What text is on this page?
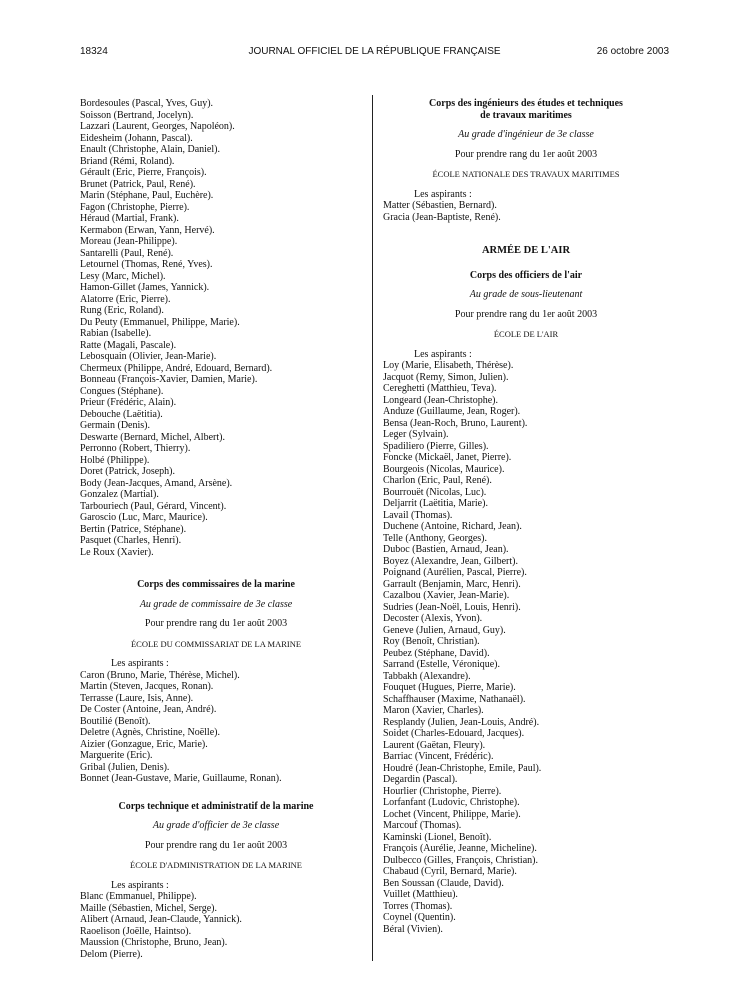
18324	JOURNAL OFFICIEL DE LA RÉPUBLIQUE FRANÇAISE	26 octobre 2003
Bordesoules (Pascal, Yves, Guy).
Soisson (Bertrand, Jocelyn).
Lazzari (Laurent, Georges, Napoléon).
Eidesheim (Johann, Pascal).
Enault (Christophe, Alain, Daniel).
Briand (Rémi, Roland).
Gérault (Eric, Pierre, François).
Brunet (Patrick, Paul, René).
Marin (Stéphane, Paul, Euchère).
Fagon (Christophe, Pierre).
Héraud (Martial, Frank).
Kermabon (Erwan, Yann, Hervé).
Moreau (Jean-Philippe).
Santarelli (Paul, René).
Letournel (Thomas, René, Yves).
Lesy (Marc, Michel).
Hamon-Gillet (James, Yannick).
Alatorre (Eric, Pierre).
Rung (Eric, Roland).
Du Peuty (Emmanuel, Philippe, Marie).
Rabian (Isabelle).
Ratte (Magali, Pascale).
Lebosquain (Olivier, Jean-Marie).
Chermeux (Philippe, André, Edouard, Bernard).
Bonneau (François-Xavier, Damien, Marie).
Congues (Stéphane).
Prieur (Frédéric, Alain).
Debouche (Laëtitia).
Germain (Denis).
Deswarte (Bernard, Michel, Albert).
Perronno (Robert, Thierry).
Holbé (Philippe).
Doret (Patrick, Joseph).
Body (Jean-Jacques, Amand, Arsène).
Gonzalez (Martial).
Tarbouriech (Paul, Gérard, Vincent).
Garoscio (Luc, Marc, Maurice).
Bertin (Patrice, Stéphane).
Pasquet (Charles, Henri).
Le Roux (Xavier).
Corps des commissaires de la marine
Au grade de commissaire de 3e classe
Pour prendre rang du 1er août 2003
ÉCOLE DU COMMISSARIAT DE LA MARINE
Les aspirants :
Caron (Bruno, Marie, Thérèse, Michel).
Martin (Steven, Jacques, Ronan).
Terrasse (Laure, Isis, Anne).
De Coster (Antoine, Jean, André).
Boutilié (Benoît).
Deletre (Agnès, Christine, Noëlle).
Aizier (Gonzague, Eric, Marie).
Marguerite (Eric).
Gribal (Julien, Denis).
Bonnet (Jean-Gustave, Marie, Guillaume, Ronan).
Corps technique et administratif de la marine
Au grade d'officier de 3e classe
Pour prendre rang du 1er août 2003
ÉCOLE D'ADMINISTRATION DE LA MARINE
Les aspirants :
Blanc (Emmanuel, Philippe).
Maille (Sébastien, Michel, Serge).
Alibert (Arnaud, Jean-Claude, Yannick).
Raoelison (Joëlle, Haintso).
Maussion (Christophe, Bruno, Jean).
Delom (Pierre).
Corps des ingénieurs des études et techniques
de travaux maritimes
Au grade d'ingénieur de 3e classe
Pour prendre rang du 1er août 2003
ÉCOLE NATIONALE DES TRAVAUX MARITIMES
Les aspirants :
Matter (Sébastien, Bernard).
Gracia (Jean-Baptiste, René).
ARMÉE DE L'AIR
Corps des officiers de l'air
Au grade de sous-lieutenant
Pour prendre rang du 1er août 2003
ÉCOLE DE L'AIR
Les aspirants :
Loy (Marie, Elisabeth, Thérèse).
Jacquot (Remy, Simon, Julien).
Cereghetti (Matthieu, Teva).
Longeard (Jean-Christophe).
Anduze (Guillaume, Jean, Roger).
Bensa (Jean-Roch, Bruno, Laurent).
Leger (Sylvain).
Spadiliero (Pierre, Gilles).
Foncke (Mickaël, Janet, Pierre).
Bourgeois (Nicolas, Maurice).
Charlon (Eric, Paul, René).
Bourrouët (Nicolas, Luc).
Deljarrit (Laëtitia, Marie).
Lavail (Thomas).
Duchene (Antoine, Richard, Jean).
Telle (Anthony, Georges).
Duboc (Bastien, Arnaud, Jean).
Boyez (Alexandre, Jean, Gilbert).
Poignand (Aurélien, Pascal, Pierre).
Garrault (Benjamin, Marc, Henri).
Cazalbou (Xavier, Jean-Marie).
Sudries (Jean-Noël, Louis, Henri).
Decoster (Alexis, Yvon).
Geneve (Julien, Arnaud, Guy).
Roy (Benoît, Christian).
Peubez (Stéphane, David).
Sarrand (Estelle, Véronique).
Tabbakh (Alexandre).
Fouquet (Hugues, Pierre, Marie).
Schaffhauser (Maxime, Nathanaël).
Maron (Xavier, Charles).
Resplandy (Julien, Jean-Louis, André).
Soidet (Charles-Edouard, Jacques).
Laurent (Gaëtan, Fleury).
Barriac (Vincent, Frédéric).
Houdré (Jean-Christophe, Emile, Paul).
Degardin (Pascal).
Hourlier (Christophe, Pierre).
Lorfanfant (Ludovic, Christophe).
Lochet (Vincent, Philippe, Marie).
Marcouf (Thomas).
Kaminski (Lionel, Benoît).
François (Aurélie, Jeanne, Micheline).
Dulbecco (Gilles, François, Christian).
Chabaud (Cyril, Bernard, Marie).
Ben Soussan (Claude, David).
Vuillet (Matthieu).
Torres (Thomas).
Coynel (Quentin).
Béral (Vivien).
